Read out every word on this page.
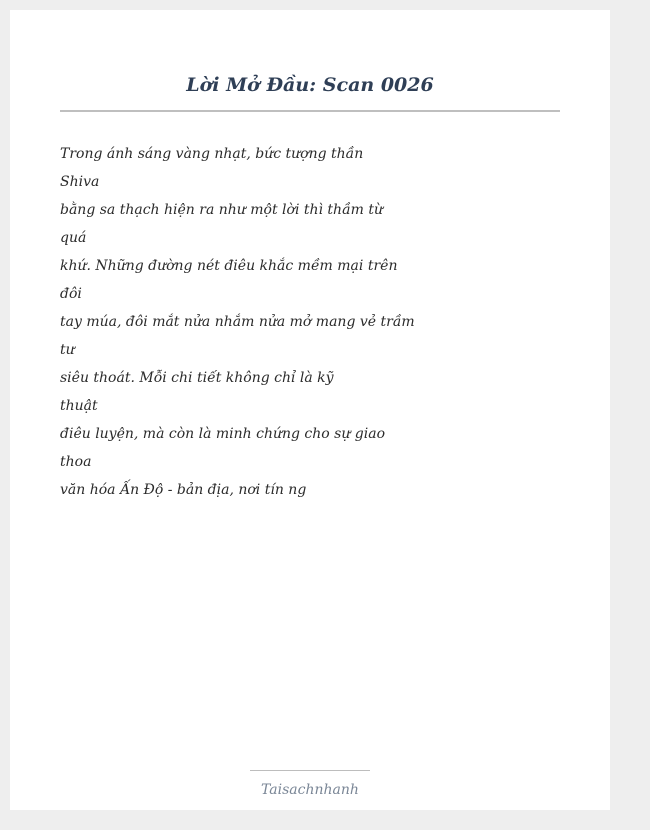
Lời Mở Đầu: Scan 0026
Trong ánh sáng vàng nhạt, bức tượng thần
Shiva
bằng sa thạch hiện ra như một lời thì thầm từ
quá
khứ. Những đường nét điêu khắc mềm mại trên
đôi
tay múa, đôi mắt nửa nhắm nửa mở mang vẻ trầm
tư
siêu thoát. Mỗi chi tiết không chỉ là kỹ
thuật
điêu luyện, mà còn là minh chứng cho sự giao
thoa
văn hóa Ấn Độ - bản địa, nơi tín ng
Taisachnhanh
